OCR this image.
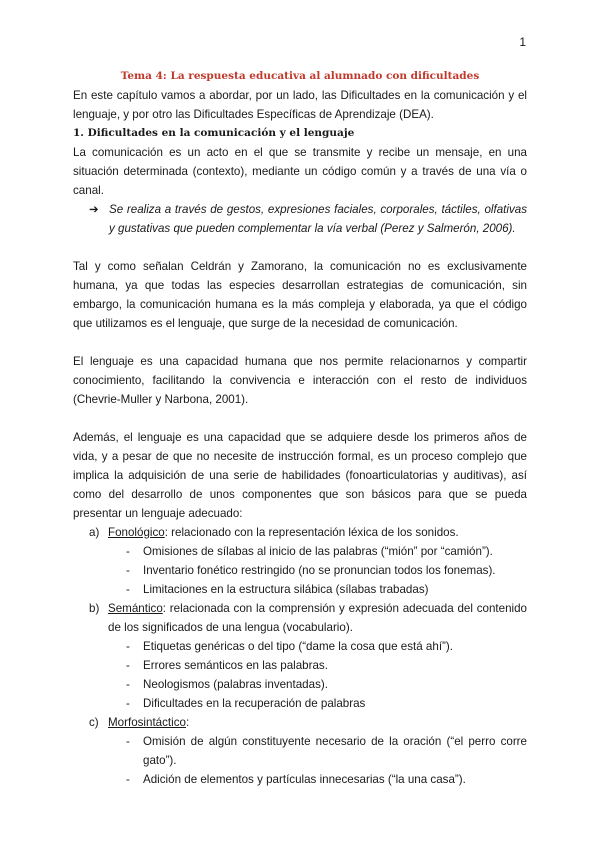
1
Tema 4: La respuesta educativa al alumnado con dificultades

En este capítulo vamos a abordar, por un lado, las Dificultades en la comunicación y el lenguaje, y por otro las Dificultades Específicas de Aprendizaje (DEA).

1. Dificultades en la comunicación y el lenguaje

La comunicación es un acto en el que se transmite y recibe un mensaje, en una situación determinada (contexto), mediante un código común y a través de una vía o canal.

➔ Se realiza a través de gestos, expresiones faciales, corporales, táctiles, olfativas y gustativas que pueden complementar la vía verbal (Perez y Salmerón, 2006).

Tal y como señalan Celdrán y Zamorano, la comunicación no es exclusivamente humana, ya que todas las especies desarrollan estrategias de comunicación, sin embargo, la comunicación humana es la más compleja y elaborada, ya que el código que utilizamos es el lenguaje, que surge de la necesidad de comunicación.

El lenguaje es una capacidad humana que nos permite relacionarnos y compartir conocimiento, facilitando la convivencia e interacción con el resto de individuos (Chevrie-Muller y Narbona, 2001).

Además, el lenguaje es una capacidad que se adquiere desde los primeros años de vida, y a pesar de que no necesite de instrucción formal, es un proceso complejo que implica la adquisición de una serie de habilidades (fonoarticulatorias y auditivas), así como del desarrollo de unos componentes que son básicos para que se pueda presentar un lenguaje adecuado:

a) Fonológico: relacionado con la representación léxica de los sonidos.
-	Omisiones de sílabas al inicio de las palabras (“mión” por “camión”).
-	Inventario fonético restringido (no se pronuncian todos los fonemas).
-	Limitaciones en la estructura silábica (sílabas trabadas)
b) Semántico: relacionada con la comprensión y expresión adecuada del contenido de los significados de una lengua (vocabulario).
-	Etiquetas genéricas o del tipo (“dame la cosa que está ahí”).
-	Errores semánticos en las palabras.
-	Neologismos (palabras inventadas).
-	Dificultades en la recuperación de palabras
c) Morfosintáctico:
-	Omisión de algún constituyente necesario de la oración (“el perro corre gato”).
-	Adición de elementos y partículas innecesarias (“la una casa”).
